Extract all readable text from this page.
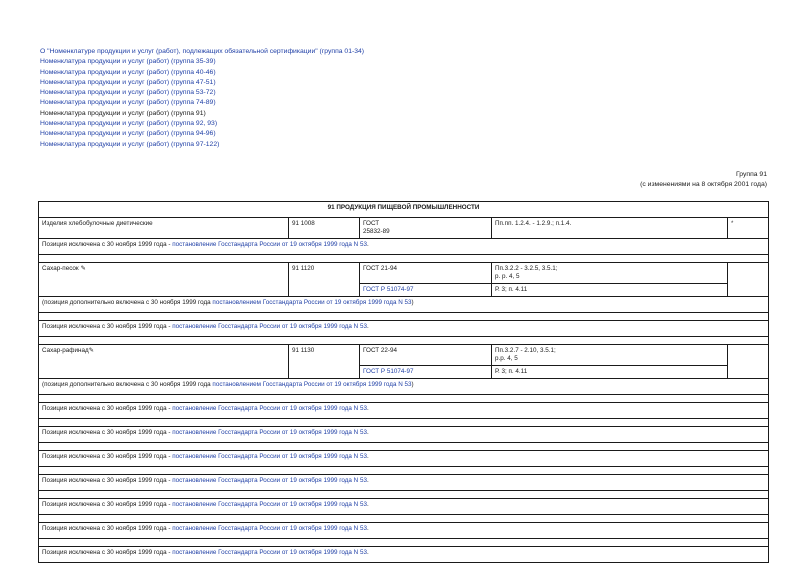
О "Номенклатуре продукции и услуг (работ), подлежащих обязательной сертификации" (группа 01-34)
Номенклатура продукции и услуг (работ) (группа 35-39)
Номенклатура продукции и услуг (работ) (группа 40-46)
Номенклатура продукции и услуг (работ) (группа 47-51)
Номенклатура продукции и услуг (работ) (группа 53-72)
Номенклатура продукции и услуг (работ) (группа 74-89)
Номенклатура продукции и услуг (работ) (группа 91)
Номенклатура продукции и услуг (работ) (группа 92, 93)
Номенклатура продукции и услуг (работ) (группа 94-96)
Номенклатура продукции и услуг (работ) (группа 97-122)
Группа 91
(с изменениями на 8 октября 2001 года)
91 ПРОДУКЦИЯ ПИЩЕВОЙ ПРОМЫШЛЕННОСТИ				
Изделия хлебобулочные диетические	91 1008	ГОСТ
25832-89	Пп.пп. 1.2.4. - 1.2.9.; п.1.4.	*
Позиция исключена с 30 ноября 1999 года - постановление Госстандарта России от 19 октября 1999 года N 53.				

Сахар-песок ✎	91 1120	ГОСТ 21-94	Пп.3.2.2 - 3.2.5, 3.5.1;
р. р. 4, 5	
		ГОСТ Р 51074-97	Р. 3; п. 4.11	
(позиция дополнительно включена с 30 ноября 1999 года постановлением Госстандарта России от 19 октября 1999 года N 53)				

Позиция исключена с 30 ноября 1999 года - постановление Госстандарта России от 19 октября 1999 года N 53.				

Сахар-рафинад✎	91 1130	ГОСТ 22-94	Пп.3.2.7 - 2.10, 3.5.1;
р.р. 4, 5	
		ГОСТ Р 51074-97	Р. 3; п. 4.11	
(позиция дополнительно включена с 30 ноября 1999 года постановлением Госстандарта России от 19 октября 1999 года N 53)				

Позиция исключена с 30 ноября 1999 года - постановление Госстандарта России от 19 октября 1999 года N 53.				

Позиция исключена с 30 ноября 1999 года - постановление Госстандарта России от 19 октября 1999 года N 53.				

Позиция исключена с 30 ноября 1999 года - постановление Госстандарта России от 19 октября 1999 года N 53.				

Позиция исключена с 30 ноября 1999 года - постановление Госстандарта России от 19 октября 1999 года N 53.				

Позиция исключена с 30 ноября 1999 года - постановление Госстандарта России от 19 октября 1999 года N 53.				

Позиция исключена с 30 ноября 1999 года - постановление Госстандарта России от 19 октября 1999 года N 53.				

Позиция исключена с 30 ноября 1999 года - постановление Госстандарта России от 19 октября 1999 года N 53.				
